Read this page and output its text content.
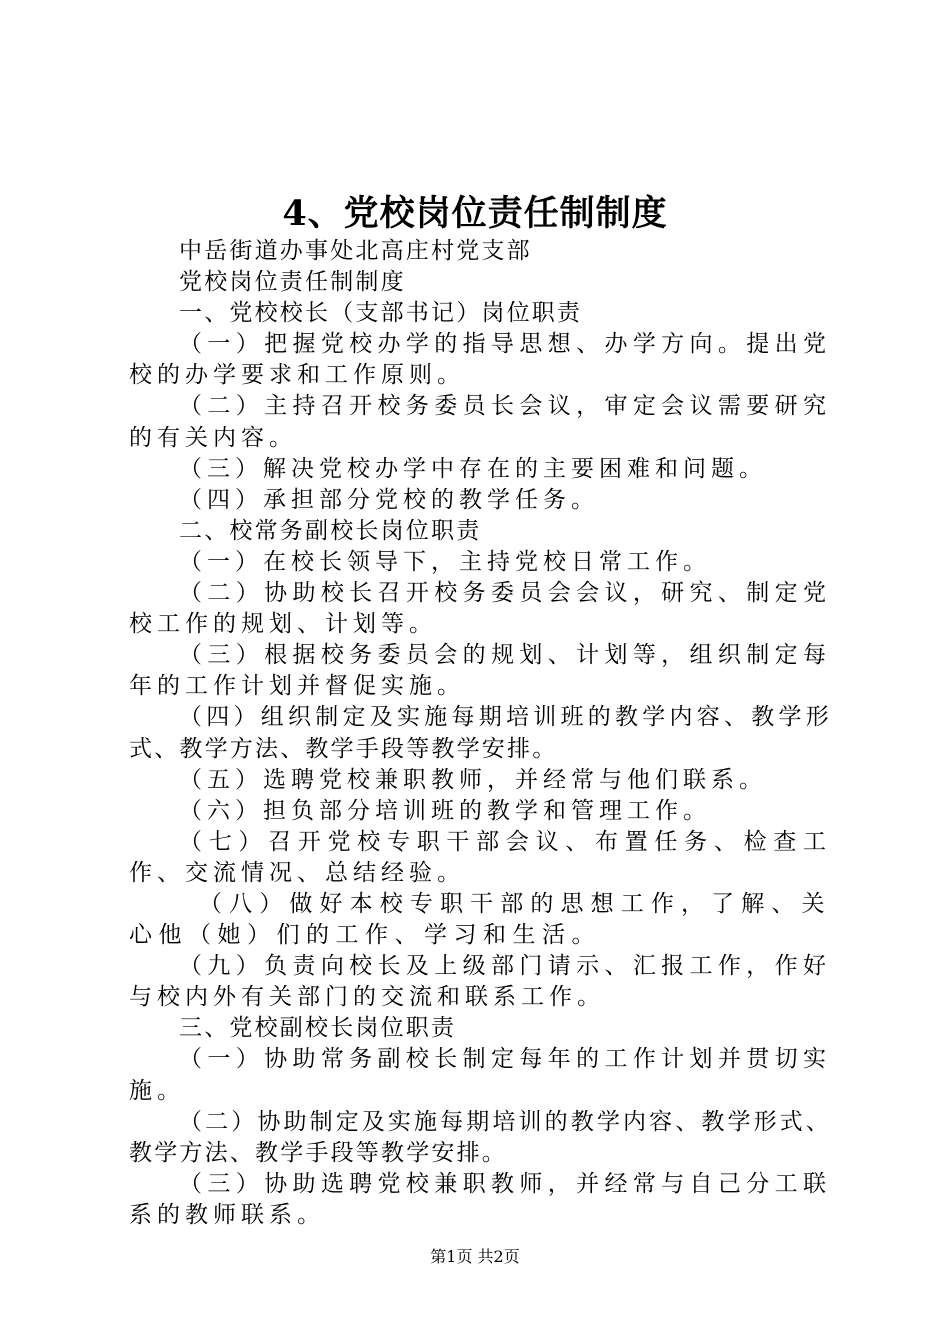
4、党校岗位责任制制度

中岳街道办事处北高庄村党支部

党校岗位责任制制度

一、党校校长（支部书记）岗位职责

（一）把握党校办学的指导思想、办学方向。提出党校的办学要求和工作原则。

（二）主持召开校务委员长会议，审定会议需要研究的有关内容。

（三）解决党校办学中存在的主要困难和问题。

（四）承担部分党校的教学任务。

二、校常务副校长岗位职责

（一）在校长领导下，主持党校日常工作。

（二）协助校长召开校务委员会会议，研究、制定党校工作的规划、计划等。

（三）根据校务委员会的规划、计划等，组织制定每年的工作计划并督促实施。

（四）组织制定及实施每期培训班的教学内容、教学形式、教学方法、教学手段等教学安排。

（五）选聘党校兼职教师，并经常与他们联系。

（六）担负部分培训班的教学和管理工作。

（七）召开党校专职干部会议、布置任务、检查工作、交流情况、总结经验。

（八）做好本校专职干部的思想工作，了解、关心他（她）们的工作、学习和生活。

（九）负责向校长及上级部门请示、汇报工作，作好与校内外有关部门的交流和联系工作。

三、党校副校长岗位职责

（一）协助常务副校长制定每年的工作计划并贯切实施。

（二）协助制定及实施每期培训的教学内容、教学形式、教学方法、教学手段等教学安排。

（三）协助选聘党校兼职教师，并经常与自己分工联系的教师联系。

第1页 共2页
